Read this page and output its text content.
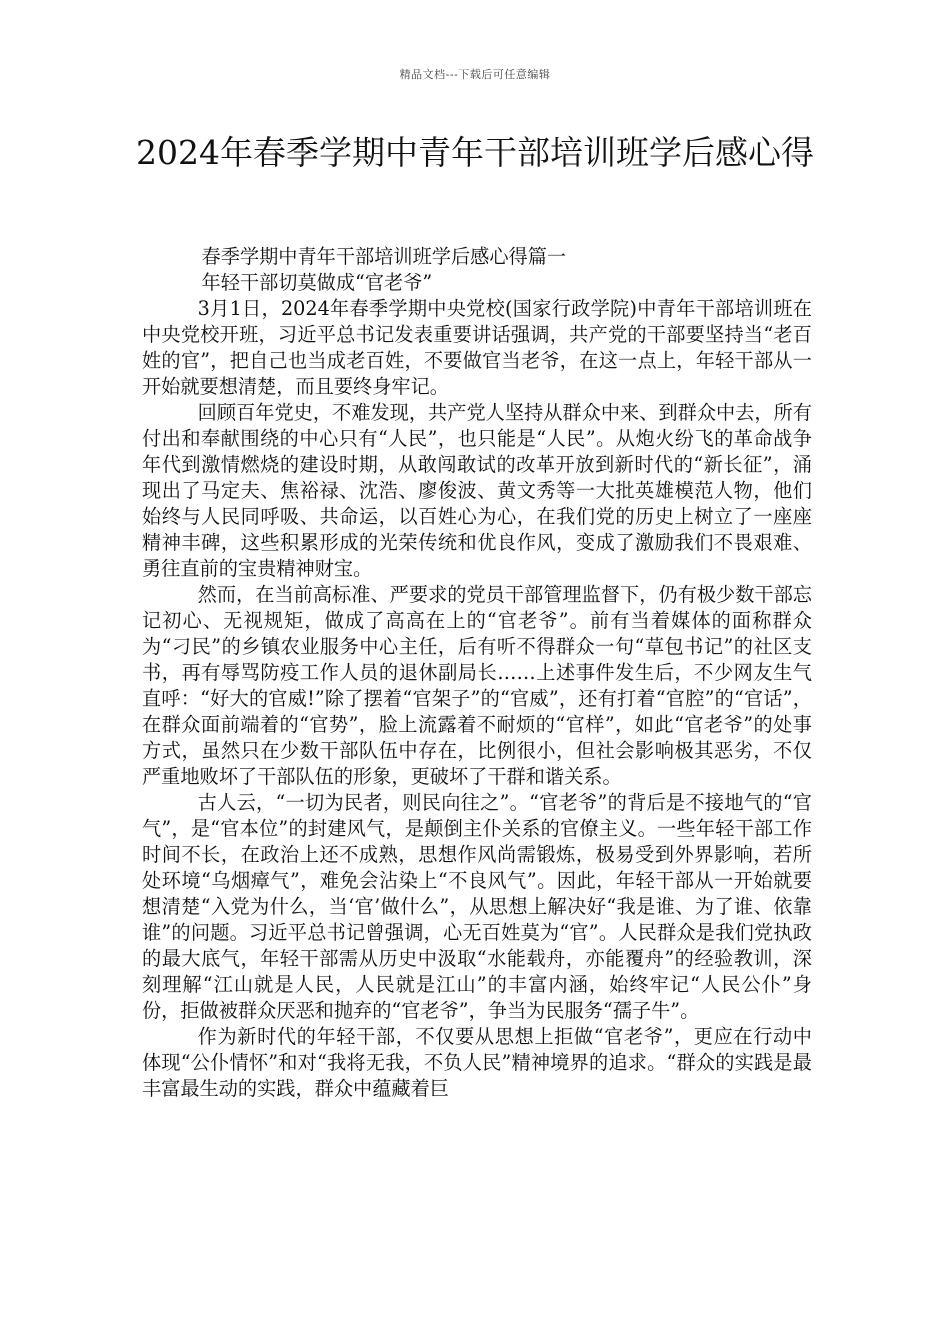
精品文档---下载后可任意编辑
2024年春季学期中青年干部培训班学后感心得

春季学期中青年干部培训班学后感心得篇一

年轻干部切莫做成“官老爷”

3月1日，2024年春季学期中央党校(国家行政学院)中青年干部培训班在中央党校开班，习近平总书记发表重要讲话强调，共产党的干部要坚持当“老百姓的官”，把自己也当成老百姓，不要做官当老爷，在这一点上，年轻干部从一开始就要想清楚，而且要终身牢记。

回顾百年党史，不难发现，共产党人坚持从群众中来、到群众中去，所有付出和奉献围绕的中心只有“人民”，也只能是“人民”。从炮火纷飞的革命战争年代到激情燃烧的建设时期，从敢闯敢试的改革开放到新时代的“新长征”，涌现出了马定夫、焦裕禄、沈浩、廖俊波、黄文秀等一大批英雄模范人物，他们始终与人民同呼吸、共命运，以百姓心为心，在我们党的历史上树立了一座座精神丰碑，这些积累形成的光荣传统和优良作风，变成了激励我们不畏艰难、勇往直前的宝贵精神财宝。

然而，在当前高标准、严要求的党员干部管理监督下，仍有极少数干部忘记初心、无视规矩，做成了高高在上的“官老爷”。前有当着媒体的面称群众为“刁民”的乡镇农业服务中心主任，后有听不得群众一句“草包书记”的社区支书，再有辱骂防疫工作人员的退休副局长……上述事件发生后，不少网友生气直呼：“好大的官威!”除了摆着“官架子”的“官威”，还有打着“官腔”的“官话”，在群众面前端着的“官势”，脸上流露着不耐烦的“官样”，如此“官老爷”的处事方式，虽然只在少数干部队伍中存在，比例很小，但社会影响极其恶劣，不仅严重地败坏了干部队伍的形象，更破坏了干群和谐关系。

古人云，“一切为民者，则民向往之”。“官老爷”的背后是不接地气的“官气”，是“官本位”的封建风气，是颠倒主仆关系的官僚主义。一些年轻干部工作时间不长，在政治上还不成熟，思想作风尚需锻炼，极易受到外界影响，若所处环境“乌烟瘴气”，难免会沾染上“不良风气”。因此，年轻干部从一开始就要想清楚“入党为什么，当‘官’做什么”，从思想上解决好“我是谁、为了谁、依靠谁”的问题。习近平总书记曾强调，心无百姓莫为“官”。人民群众是我们党执政的最大底气，年轻干部需从历史中汲取“水能载舟，亦能覆舟”的经验教训，深刻理解“江山就是人民，人民就是江山”的丰富内涵，始终牢记“人民公仆”身份，拒做被群众厌恶和抛弃的“官老爷”，争当为民服务“孺子牛”。

作为新时代的年轻干部，不仅要从思想上拒做“官老爷”，更应在行动中体现“公仆情怀”和对“我将无我，不负人民”精神境界的追求。“群众的实践是最丰富最生动的实践，群众中蕴藏着巨
